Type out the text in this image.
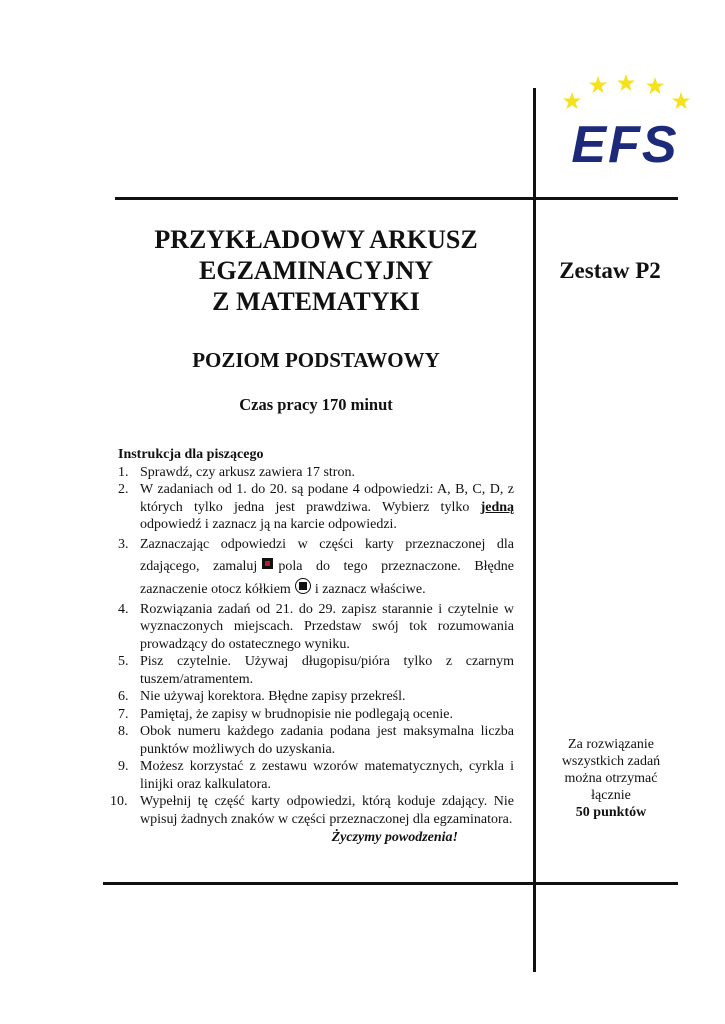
EFS
PRZYKŁADOWY ARKUSZ
EGZAMINACYJNY
Z MATEMATYKI
POZIOM PODSTAWOWY
Czas pracy 170 minut
Zestaw P2
Instrukcja dla piszącego
1. Sprawdź, czy arkusz zawiera 17 stron.
2. W zadaniach od 1. do 20. są podane 4 odpowiedzi: A, B, C, D, z których tylko jedna jest prawdziwa. Wybierz tylko jedną odpowiedź i zaznacz ją na karcie odpowiedzi.
3. Zaznaczając odpowiedzi w części karty przeznaczonej dla zdającego, zamaluj pola do tego przeznaczone. Błędne zaznaczenie otocz kółkiem i zaznacz właściwe.
4. Rozwiązania zadań od 21. do 29. zapisz starannie i czytelnie w wyznaczonych miejscach. Przedstaw swój tok rozumowania prowadzący do ostatecznego wyniku.
5. Pisz czytelnie. Używaj długopisu/pióra tylko z czarnym tuszem/atramentem.
6. Nie używaj korektora. Błędne zapisy przekreśl.
7. Pamiętaj, że zapisy w brudnopisie nie podlegają ocenie.
8. Obok numeru każdego zadania podana jest maksymalna liczba punktów możliwych do uzyskania.
9. Możesz korzystać z zestawu wzorów matematycznych, cyrkla i linijki oraz kalkulatora.
10. Wypełnij tę część karty odpowiedzi, którą koduje zdający. Nie wpisuj żadnych znaków w części przeznaczonej dla egzaminatora.
Życzymy powodzenia!
Za rozwiązanie
wszystkich zadań
można otrzymać
łącznie
50 punktów
